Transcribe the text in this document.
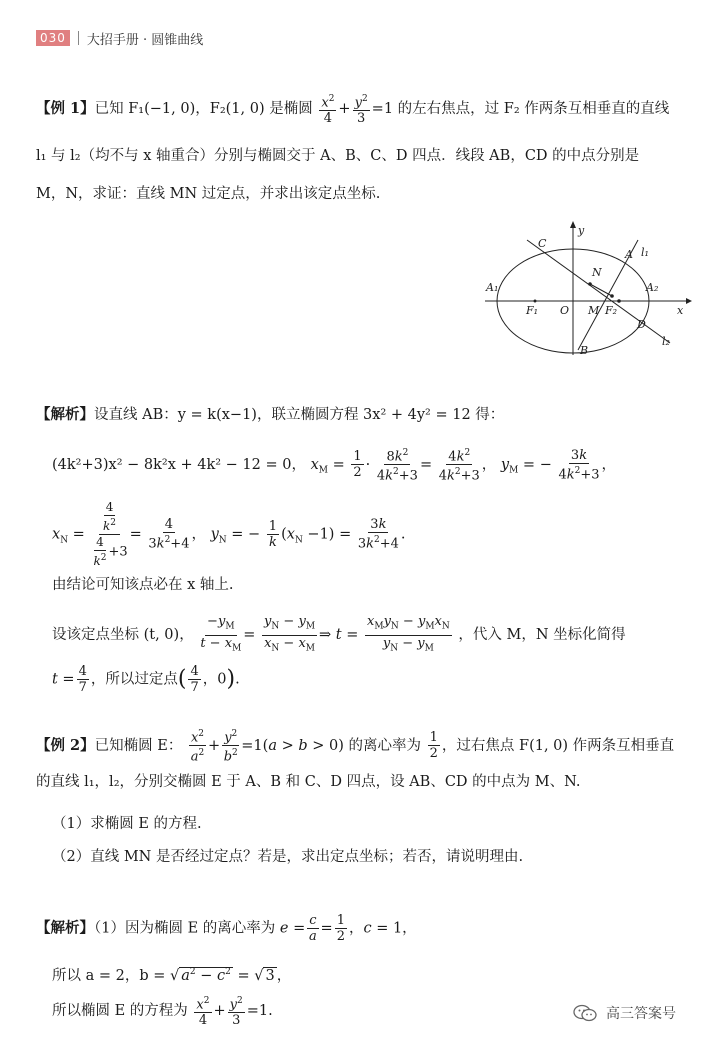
030	大招手册 · 圆锥曲线
【例 1】已知 F₁(−1, 0)，F₂(1, 0) 是椭圆 $\frac{x^2}{4} + \frac{y^2}{3} =1$ 的左右焦点，过 F₂ 作两条互相垂直的直线
l₁ 与 l₂（均不与 x 轴重合）分别与椭圆交于 A、B、C、D 四点．线段 AB，CD 的中点分别是
M，N，求证：直线 MN 过定点，并求出该定点坐标.
y
C
A l₁
N
A₁
F₁ O M F₂
A₂
x
D
l₂
B
【解析】设直线 AB：y = k(x−1)，联立椭圆方程 3x² + 4y² = 12 得：
(4k²+3)x² − 8k²x + 4k² − 12 = 0， $x_M = \frac{1}{2} \cdot \frac{8k^2}{4k^2+3} = \frac{4k^2}{4k^2+3}$ ， $y_M$ = − $\frac{3k}{4k^2+3}$ ，
$x_N = \frac{\frac{4}{k^2}}{\frac{4}{k^2} +3} = \frac{4}{3k^2+4}$ ， $y_N$ = − $\frac{1}{k} (x_N -1) = \frac{3k}{3k^2+4}$ .
由结论可知该点必在 x 轴上.
设该定点坐标 (t, 0)， $\frac{-y_M}{t - x_M} = \frac{y_N - y_M}{x_N - x_M}$ ⇒ $t = \frac{x_My_N - y_Mx_N}{y_N - y_M}$ ，代入 M，N 坐标化简得
$t = \frac{4}{7}$ ，所以过定点( $\frac{4}{7}$ ，0).
【例 2】已知椭圆 E： $\frac{x^2}{a^2} + \frac{y^2}{b^2} =1(a > b > 0)$ 的离心率为 $\frac{1}{2}$ ，过右焦点 F(1, 0) 作两条互相垂直
的直线 l₁，l₂，分别交椭圆 E 于 A、B 和 C、D 四点，设 AB、CD 的中点为 M、N.
（1）求椭圆 E 的方程.
（2）直线 MN 是否经过定点？若是，求出定点坐标；若否，请说明理由.
【解析】（1）因为椭圆 E 的离心率为 $e = \frac{c}{a} = \frac{1}{2}$ ，c = 1，
所以 a = 2，b = √ $a^2 - c^2$ = √ 3 ，
所以椭圆 E 的方程为 $\frac{x^2}{4} + \frac{y^2}{3} =1$.	高三答案号
